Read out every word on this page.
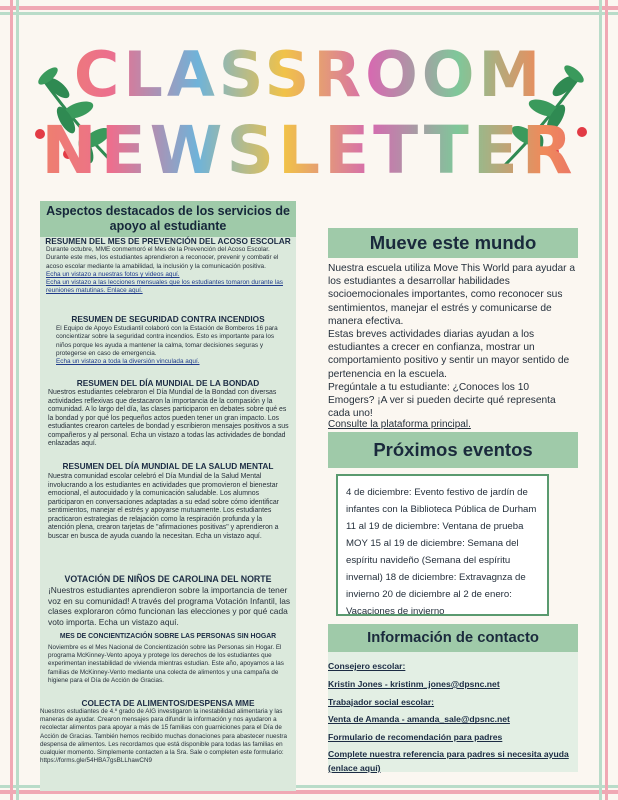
CLASSROOM
NEWSLETTER
Aspectos destacados de los servicios de apoyo al estudiante
RESUMEN DEL MES DE PREVENCIÓN DEL ACOSO ESCOLAR
Durante octubre, MME conmemoró el Mes de la Prevención del Acoso Escolar. Durante este mes, los estudiantes aprendieron a reconocer, prevenir y combatir el acoso escolar mediante la amabilidad, la inclusión y la comunicación positiva.
Echa un vistazo a nuestras fotos y videos aquí.
Echa un vistazo a las lecciones mensuales que los estudiantes tomaron durante las reuniones matutinas. Enlace aquí.
RESUMEN DE SEGURIDAD CONTRA INCENDIOS
El Equipo de Apoyo Estudiantil colaboró con la Estación de Bomberos 16 para concientizar sobre la seguridad contra incendios. Esto es importante para los niños porque les ayuda a mantener la calma, tomar decisiones seguras y protegerse en caso de emergencia.
Echa un vistazo a toda la diversión vinculada aquí.
RESUMEN DEL DÍA MUNDIAL DE LA BONDAD
Nuestros estudiantes celebraron el Día Mundial de la Bondad con diversas actividades reflexivas que destacaron la importancia de la compasión y la comunidad. A lo largo del día, las clases participaron en debates sobre qué es la bondad y por qué los pequeños actos pueden tener un gran impacto. Los estudiantes crearon carteles de bondad y escribieron mensajes positivos a sus compañeros y al personal. Echa un vistazo a todas las actividades de bondad enlazadas aquí.
RESUMEN DEL DÍA MUNDIAL DE LA SALUD MENTAL
Nuestra comunidad escolar celebró el Día Mundial de la Salud Mental involucrando a los estudiantes en actividades que promovieron el bienestar emocional, el autocuidado y la comunicación saludable. Los alumnos participaron en conversaciones adaptadas a su edad sobre cómo identificar sentimientos, manejar el estrés y apoyarse mutuamente. Los estudiantes practicaron estrategias de relajación como la respiración profunda y la atención plena, crearon tarjetas de "afirmaciones positivas" y aprendieron a buscar en busca de ayuda cuando la necesitan. Echa un vistazo aquí.
VOTACIÓN DE NIÑOS DE CAROLINA DEL NORTE
¡Nuestros estudiantes aprendieron sobre la importancia de tener voz en su comunidad! A través del programa Votación Infantil, las clases exploraron cómo funcionan las elecciones y por qué cada voto importa. Echa un vistazo aquí.
MES DE CONCIENTIZACIÓN SOBRE LAS PERSONAS SIN HOGAR
Noviembre es el Mes Nacional de Concientización sobre las Personas sin Hogar. El programa McKinney-Vento apoya y protege los derechos de los estudiantes que experimentan inestabilidad de vivienda mientras estudian. Este año, apoyamos a las familias de McKinney-Vento mediante una colecta de alimentos y una campaña de higiene para el Día de Acción de Gracias.
COLECTA DE ALIMENTOS/DESPENSA MME
Nuestros estudiantes de 4.º grado de AIG investigaron la inestabilidad alimentaria y las maneras de ayudar. Crearon mensajes para difundir la información y nos ayudaron a recolectar alimentos para apoyar a más de 15 familias con guarniciones para el Día de Acción de Gracias. También hemos recibido muchas donaciones para abastecer nuestra despensa de alimentos. Les recordamos que está disponible para todas las familias en cualquier momento. Simplemente contacten a la Sra. Sale o completen este formulario: https://forms.gle/54HBA7gsBLLhawCN9
Mueve este mundo

Nuestra escuela utiliza Move This World para ayudar a los estudiantes a desarrollar habilidades socioemocionales importantes, como reconocer sus sentimientos, manejar el estrés y comunicarse de manera efectiva.

Estas breves actividades diarias ayudan a los estudiantes a crecer en confianza, mostrar un comportamiento positivo y sentir un mayor sentido de pertenencia en la escuela.

Pregúntale a tu estudiante: ¿Conoces los 10 Emogers? ¡A ver si pueden decirte qué representa cada uno!

Consulte la plataforma principal.
Próximos eventos
4 de diciembre: Evento festivo de jardín de infantes con la Biblioteca Pública de Durham 11 al 19 de diciembre: Ventana de prueba MOY 15 al 19 de diciembre: Semana del espíritu navideño (Semana del espíritu invernal) 18 de diciembre: Extravagnza de invierno 20 de diciembre al 2 de enero: Vacaciones de invierno
Información de contacto
Consejero escolar:
Kristin Jones - kristinm_jones@dpsnc.net
Trabajador social escolar:
Venta de Amanda - amanda_sale@dpsnc.net
Formulario de recomendación para padres
Complete nuestra referencia para padres si necesita ayuda (enlace aquí)
